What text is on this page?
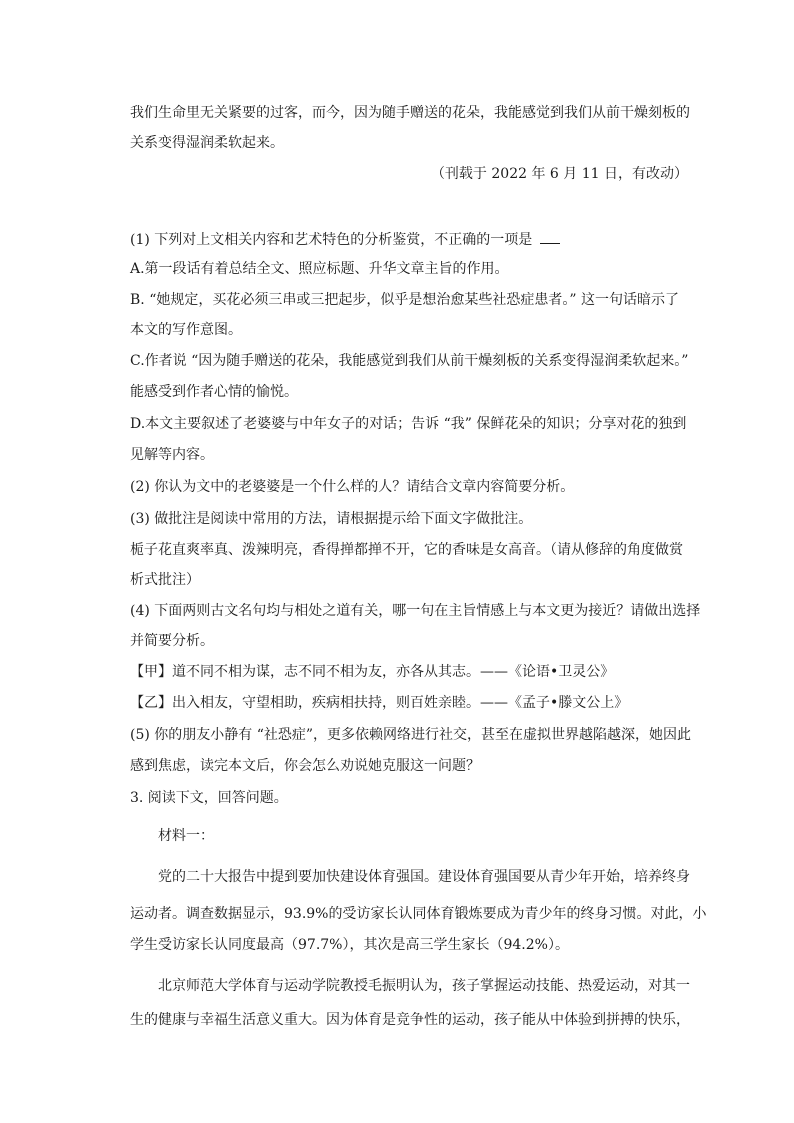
我们生命里无关紧要的过客，而今，因为随手赠送的花朵，我能感觉到我们从前干燥刻板的
关系变得湿润柔软起来。
（刊载于 2022 年 6 月 11 日，有改动）
(1) 下列对上文相关内容和艺术特色的分析鉴赏，不正确的一项是
A.第一段话有着总结全文、照应标题、升华文章主旨的作用。
B. “她规定，买花必须三串或三把起步，似乎是想治愈某些社恐症患者。” 这一句话暗示了
本文的写作意图。
C.作者说 “因为随手赠送的花朵，我能感觉到我们从前干燥刻板的关系变得湿润柔软起来。”
能感受到作者心情的愉悦。
D.本文主要叙述了老婆婆与中年女子的对话；告诉 “我” 保鲜花朵的知识；分享对花的独到
见解等内容。
(2) 你认为文中的老婆婆是一个什么样的人？请结合文章内容简要分析。
(3) 做批注是阅读中常用的方法，请根据提示给下面文字做批注。
栀子花直爽率真、泼辣明亮，香得掸都掸不开，它的香味是女高音。（请从修辞的角度做赏
析式批注）
(4) 下面两则古文名句均与相处之道有关，哪一句在主旨情感上与本文更为接近？请做出选择
并简要分析。
【甲】道不同不相为谋，志不同不相为友，亦各从其志。——《论语•卫灵公》
【乙】出入相友，守望相助，疾病相扶持，则百姓亲睦。——《孟子•滕文公上》
(5) 你的朋友小静有 “社恐症”，更多依赖网络进行社交，甚至在虚拟世界越陷越深，她因此
感到焦虑，读完本文后，你会怎么劝说她克服这一问题？
3. 阅读下文，回答问题。
材料一：
党的二十大报告中提到要加快建设体育强国。建设体育强国要从青少年开始，培养终身
运动者。调查数据显示，93.9%的受访家长认同体育锻炼要成为青少年的终身习惯。对此，小
学生受访家长认同度最高（97.7%），其次是高三学生家长（94.2%）。
北京师范大学体育与运动学院教授毛振明认为，孩子掌握运动技能、热爱运动，对其一
生的健康与幸福生活意义重大。因为体育是竞争性的运动，孩子能从中体验到拼搏的快乐，
